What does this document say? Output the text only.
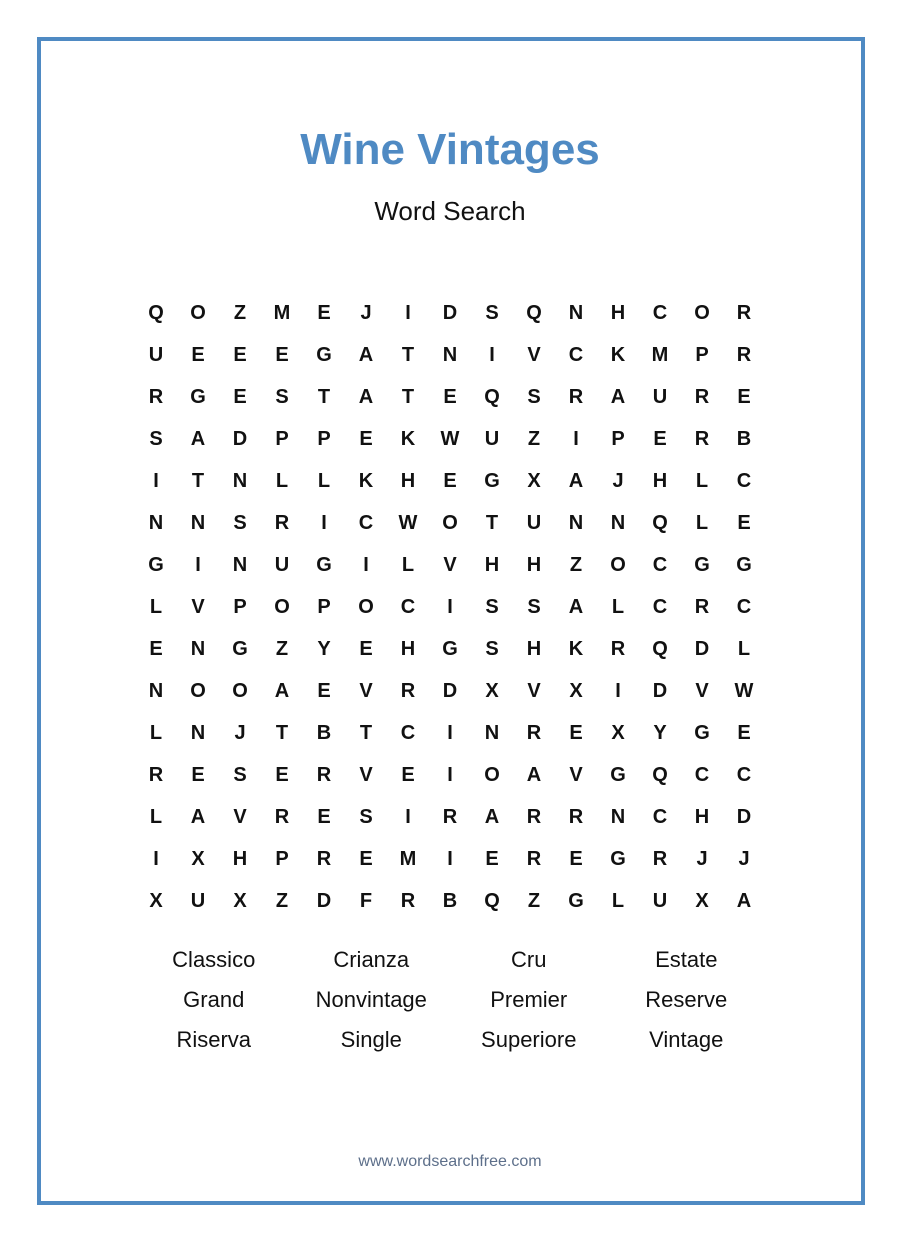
Wine Vintages
Word Search
Q	O	Z	M	E	J	I	D	S	Q	N	H	C	O	R
U	E	E	E	G	A	T	N	I	V	C	K	M	P	R
R	G	E	S	T	A	T	E	Q	S	R	A	U	R	E
S	A	D	P	P	E	K	W	U	Z	I	P	E	R	B
I	T	N	L	L	K	H	E	G	X	A	J	H	L	C
N	N	S	R	I	C	W	O	T	U	N	N	Q	L	E
G	I	N	U	G	I	L	V	H	H	Z	O	C	G	G
L	V	P	O	P	O	C	I	S	S	A	L	C	R	C
E	N	G	Z	Y	E	H	G	S	H	K	R	Q	D	L
N	O	O	A	E	V	R	D	X	V	X	I	D	V	W
L	N	J	T	B	T	C	I	N	R	E	X	Y	G	E
R	E	S	E	R	V	E	I	O	A	V	G	Q	C	C
L	A	V	R	E	S	I	R	A	R	R	N	C	H	D
I	X	H	P	R	E	M	I	E	R	E	G	R	J	J
X	U	X	Z	D	F	R	B	Q	Z	G	L	U	X	A
Classico	Crianza	Cru	Estate
Grand	Nonvintage	Premier	Reserve
Riserva	Single	Superiore	Vintage
www.wordsearchfree.com
